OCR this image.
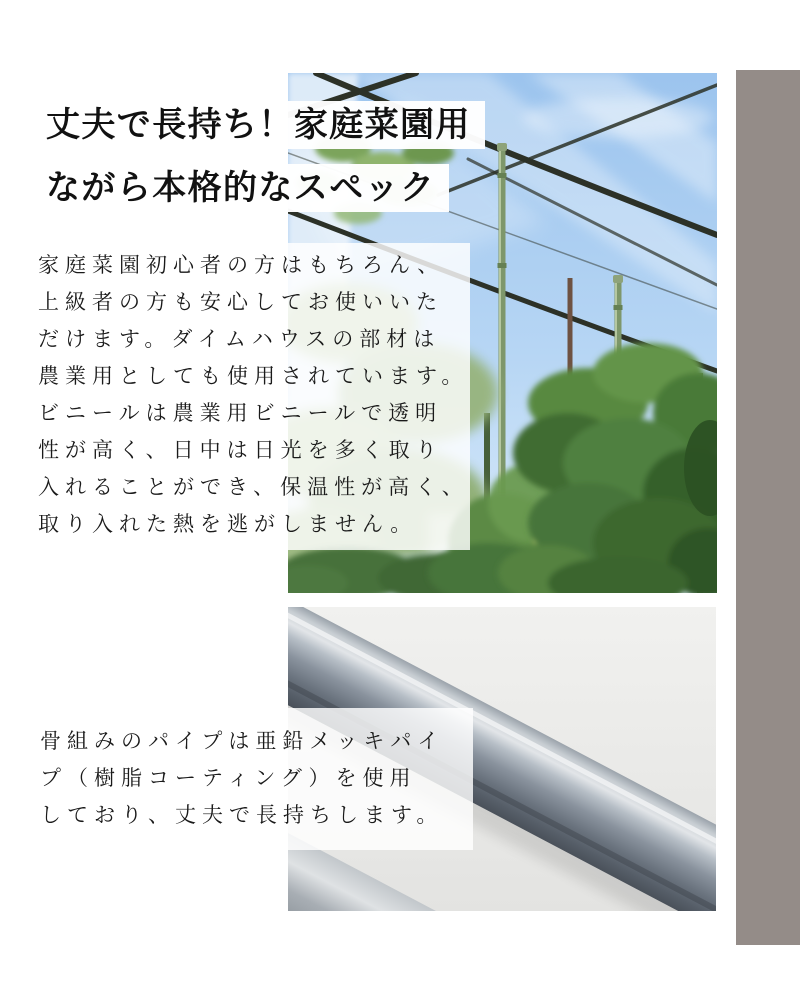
丈夫で長持ち！家庭菜園用
ながら本格的なスペック
家庭菜園初心者の方はもちろん、
上級者の方も安心してお使いいた
だけます。ダイムハウスの部材は
農業用としても使用されています。
ビニールは農業用ビニールで透明
性が高く、日中は日光を多く取り
入れることができ、保温性が高く、
取り入れた熱を逃がしません。
骨組みのパイプは亜鉛メッキパイ
プ（樹脂コーティング）を使用
しており、丈夫で長持ちします。
